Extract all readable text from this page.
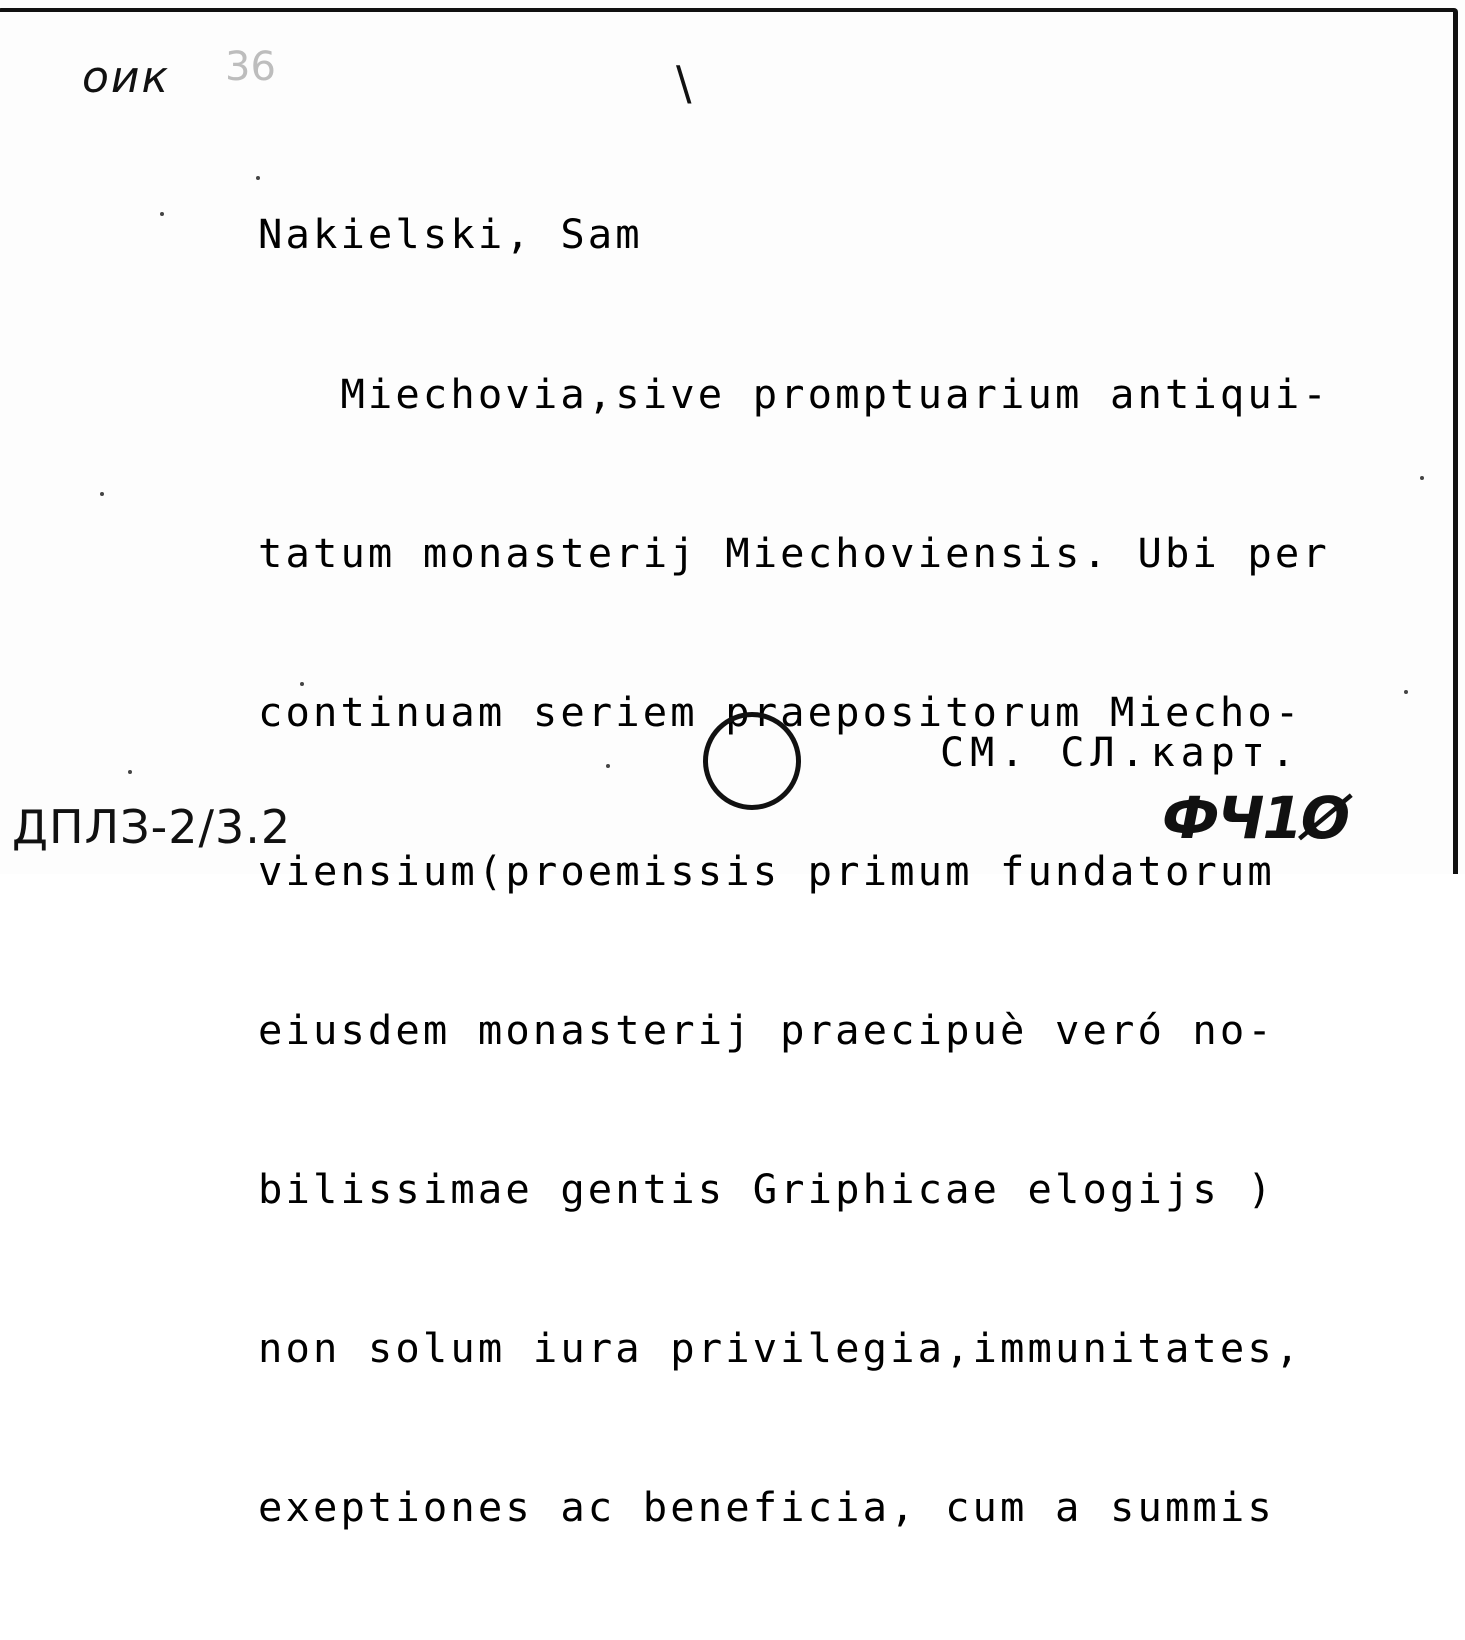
оик 36	\
Nakielski, Sam

Miechovia,sive promptuarium antiqui-

tatum monasterij Miechoviensis. Ubi per

continuam seriem praepositorum Miecho-

viensium(proemissis primum fundatorum

eiusdem monasterij praecipuè veró no-

bilissimae gentis Griphicae elogijs )

non solum iura privilegia,immunitates,

exeptiones ac beneficia, cum a summis

CM. CЛ.карт.
ДПЛЗ-2/3.2	ФЧ1Ø
